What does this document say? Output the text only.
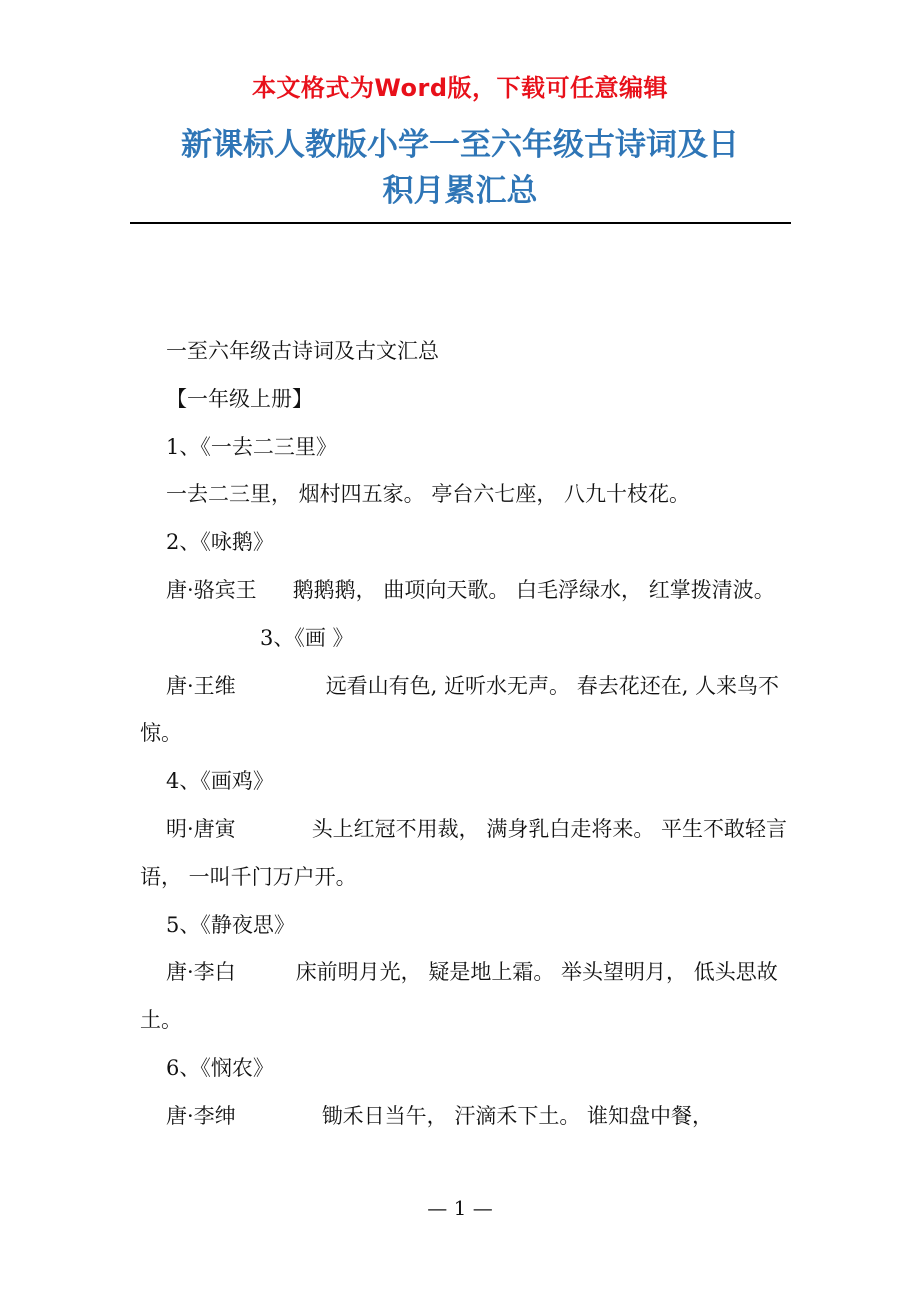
本文格式为Word版，下载可任意编辑
新课标人教版小学一至六年级古诗词及日
积月累汇总

一至六年级古诗词及古文汇总

【一年级上册】

1、《一去二三里》

一去二三里， 烟村四五家。 亭台六七座， 八九十枝花。

2、《咏鹅》

唐·骆宾王 鹅鹅鹅， 曲项向天歌。 白毛浮绿水， 红掌拨清波。3、《画 》

唐·王维	远看山有色, 近听水无声。 春去花还在, 人来鸟不惊。

4、《画鸡》

明·唐寅	头上红冠不用裁， 满身乳白走将来。 平生不敢轻言语， 一叫千门万户开。

5、《静夜思》

唐·李白	床前明月光， 疑是地上霜。 举头望明月， 低头思故土。

6、《悯农》

唐·李绅	锄禾日当午， 汗滴禾下土。 谁知盘中餐，

— 1 —
